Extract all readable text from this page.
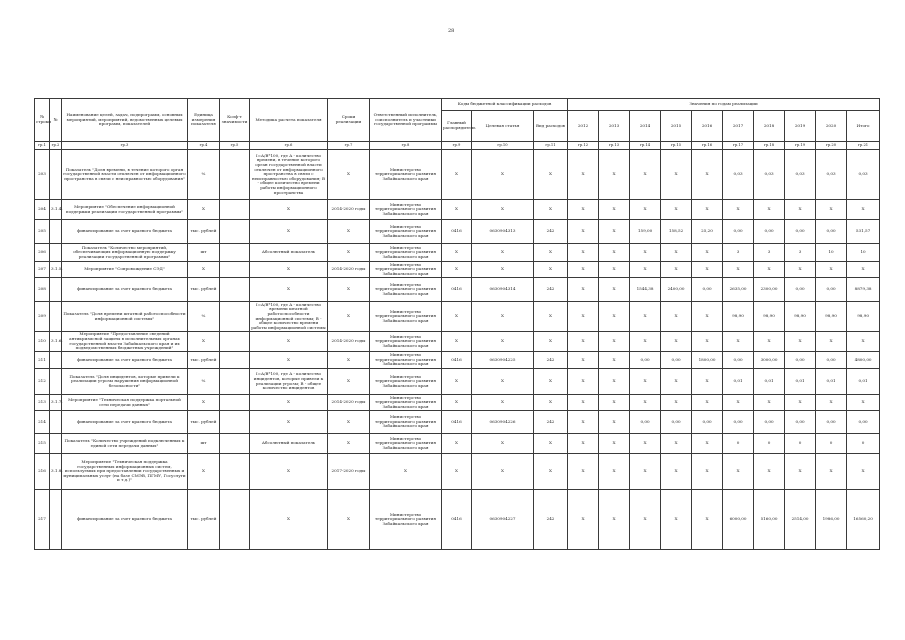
28
№ строки	№	Наименование целей, задач, подпрограмм, основных мероприятий, мероприятий, ведомственных целевых программ, показателей	Единица измерения показателя	Коэф-т значимости	Методика расчета показателя	Сроки реализации	Ответственный исполнитель, соисполнитель и участники государственной программы	Коды бюджетной классификации расходов			Значения по годам реализации									
								Главный распорядитель	Целевая статья	Вид расходов	2012	2013	2014	2015	2016	2017	2018	2019	2020	Итого
гр.1	гр.2	гр.3	гр.4	гр.5	гр.6	гр.7	гр.8	гр.9	гр.10	гр.11	гр.12	гр.13	гр.14	гр.15	гр.16	гр.17	гр.18	гр.19	гр.20	гр.21
203		Показатель "Доля времени, в течение которого орган государственной власти отключен от информационного пространства в связи с неисправностью оборудования"	%		I=A/B*100, где A - количество времени, в течение которого орган государственной власти отключен от информационного пространства в связи с неисправностью оборудования; B - общее количество времени работы информационного пространства	X	Министерство территориального развития Забайкальского края	X	X	X	X	X	X	X	X	0,03	0,03	0,03	0,03	0,03
204	3.1.4.	Мероприятие "Обеспечение информационной поддержки реализации государственной программы"	X		X	2014-2020 годы	Министерство территориального развития Забайкальского края	X	X	X	X	X	X	X	X	X	X	X	X	X
205		финансирование за счет краевого бюджета	тыс. рублей		X	X	Министерство территориального развития Забайкальского края	0416	0630904313	242	X	X	159,00	158,52	25,20	0,00	0,00	0,00	0,00	531,57
206		Показатель "Количество мероприятий, обеспечивающих информационную поддержку реализации государственной программы"	шт		Абсолютный показатель	X	Министерство территориального развития Забайкальского края	X	X	X	X	X	X	X	X	3	3	3	10	10
207	3.1.5.	Мероприятие "Сопровождение СЭД"	X		X	2014-2020 годы	Министерство территориального развития Забайкальского края	X	X	X	X	X	X	X	X	X	X	X	X	X
208		финансирование за счет краевого бюджета	тыс. рублей		X	X	Министерство территориального развития Забайкальского края	0416	0630904314	242	X	X	1544,38	2400,00	0,00	2635,00	2300,00	0,00	0,00	8879,38
209		Показатель "Доля времени штатной работоспособности информационной системы"	%		I=A/B*100, где A - количество времени штатной работоспособности информационной системы; B - общее количество времени работы информационной системы	X	Министерство территориального развития Забайкальского края	X	X	X	X	X	X	X	X	98,90	98,90	98,90	98,90	98,90
210	3.1.6.	Мероприятие "Предоставление сведений антикризисной защиты в исполнительных органах государственной власти Забайкальского края и их подведомственных бюджетных учреждений"	X		X	2014-2020 годы	Министерство территориального развития Забайкальского края	X	X	X	X	X	X	X	X	X	X	X	X	X
211		финансирование за счет краевого бюджета	тыс. рублей		X	X	Министерство территориального развития Забайкальского края	0416	0630904225	242	X	X	0,00	0,00	1800,00	0,00	3000,00	0,00	0,00	4800,00
212		Показатель "Доля инцидентов, которые привели к реализации угрозы нарушения информационной безопасности"	%		I=A/B*100, где A - количество инцидентов, которые привели к реализации угрозы; B - общее количество инцидентов	X	Министерство территориального развития Забайкальского края	X	X	X	X	X	X	X	X	0,01	0,01	0,01	0,01	0,01
213	3.1.7.	Мероприятие "Техническая поддержка портальной сети передачи данных"	X		X	2014-2020 годы	Министерство территориального развития Забайкальского края	X	X	X	X	X	X	X	X	X	X	X	X	X
214		финансирование за счет краевого бюджета	тыс. рублей		X	X	Министерство территориального развития Забайкальского края	0416	0630904226	242	X	X	0,00	0,00	0,00	0,00	0,00	0,00	0,00	0,00
215		Показатель "Количество учреждений подключенных к единой сети передачи данных"	шт		Абсолютный показатель	X	Министерство территориального развития Забайкальского края	X	X	X	X	X	X	X	X	0	0	0	0	0
216	3.1.8.	Мероприятие "Техническая поддержка государственных информационных систем, используемых при предоставлении государственных и муниципальных услуг (на базе СМЭВ, ПГМУ, Госуслуги и т.д.)"	X		X	2017-2020 годы	X	X	X	X	X	X	X	X	X	X	X	X	X	X
217		финансирование за счет краевого бюджета	тыс. рублей		X	X	Министерство территориального развития Забайкальского края	0416	0630904227	242	X	X	X	X	X	6000,00	5160,00	2514,00	1986,00	16560,20
